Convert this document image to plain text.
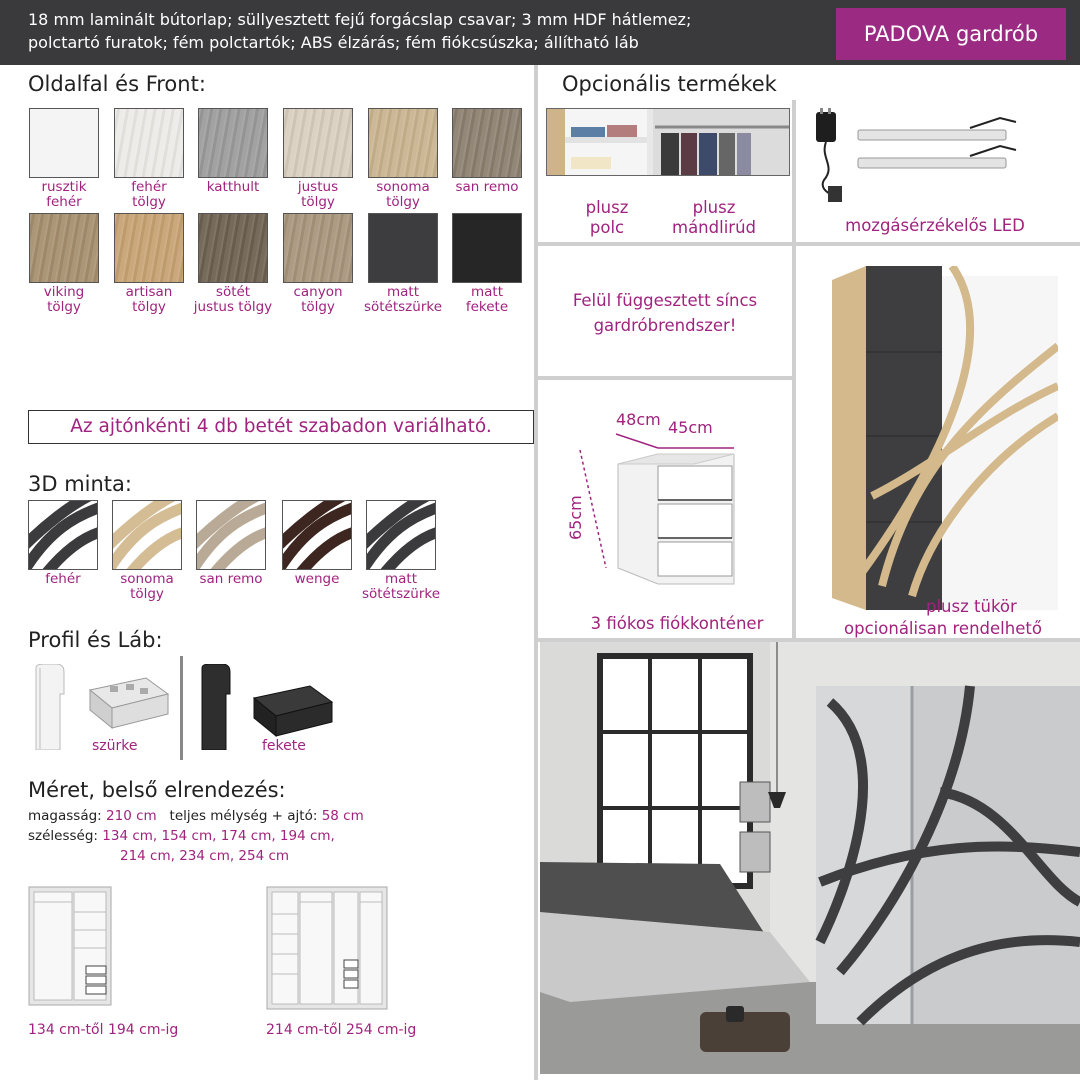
18 mm laminált bútorlap; süllyesztett fejű forgácslap csavar; 3 mm HDF hátlemez;
polctartó furatok; fém polctartók; ABS élzárás; fém fiókcsúszka; állítható láb	PADOVA gardrób
Oldalfal és Front:
rusztik
fehér
fehér
tölgy
katthult	justus
tölgy
sonoma
tölgy
san remo
viking
tölgy
artisan
tölgy
sötét
justus tölgy
canyon
tölgy
matt
sötétszürke
matt
fekete
Az ajtónkénti 4 db betét szabadon variálható.
3D minta:
fehér	sonoma
tölgy
san remo	wenge	matt
sötétszürke
Profil és Láb:
szürke	fekete
Méret, belső elrendezés:
magasság: 210 cm teljes mélység + ajtó: 58 cm
szélesség: 134 cm, 154 cm, 174 cm, 194 cm,
214 cm, 234 cm, 254 cm
134 cm-től 194 cm-ig	214 cm-től 254 cm-ig
Opcionális termékek
plusz
polc
plusz
mándlirúd	mozgásérzékelős LED
Felül függesztett síncs
gardróbrendszer!
48cm 45cm
65cm
3 fiókos fiókkonténer
plusz tükör
opcionálisan rendelhető
